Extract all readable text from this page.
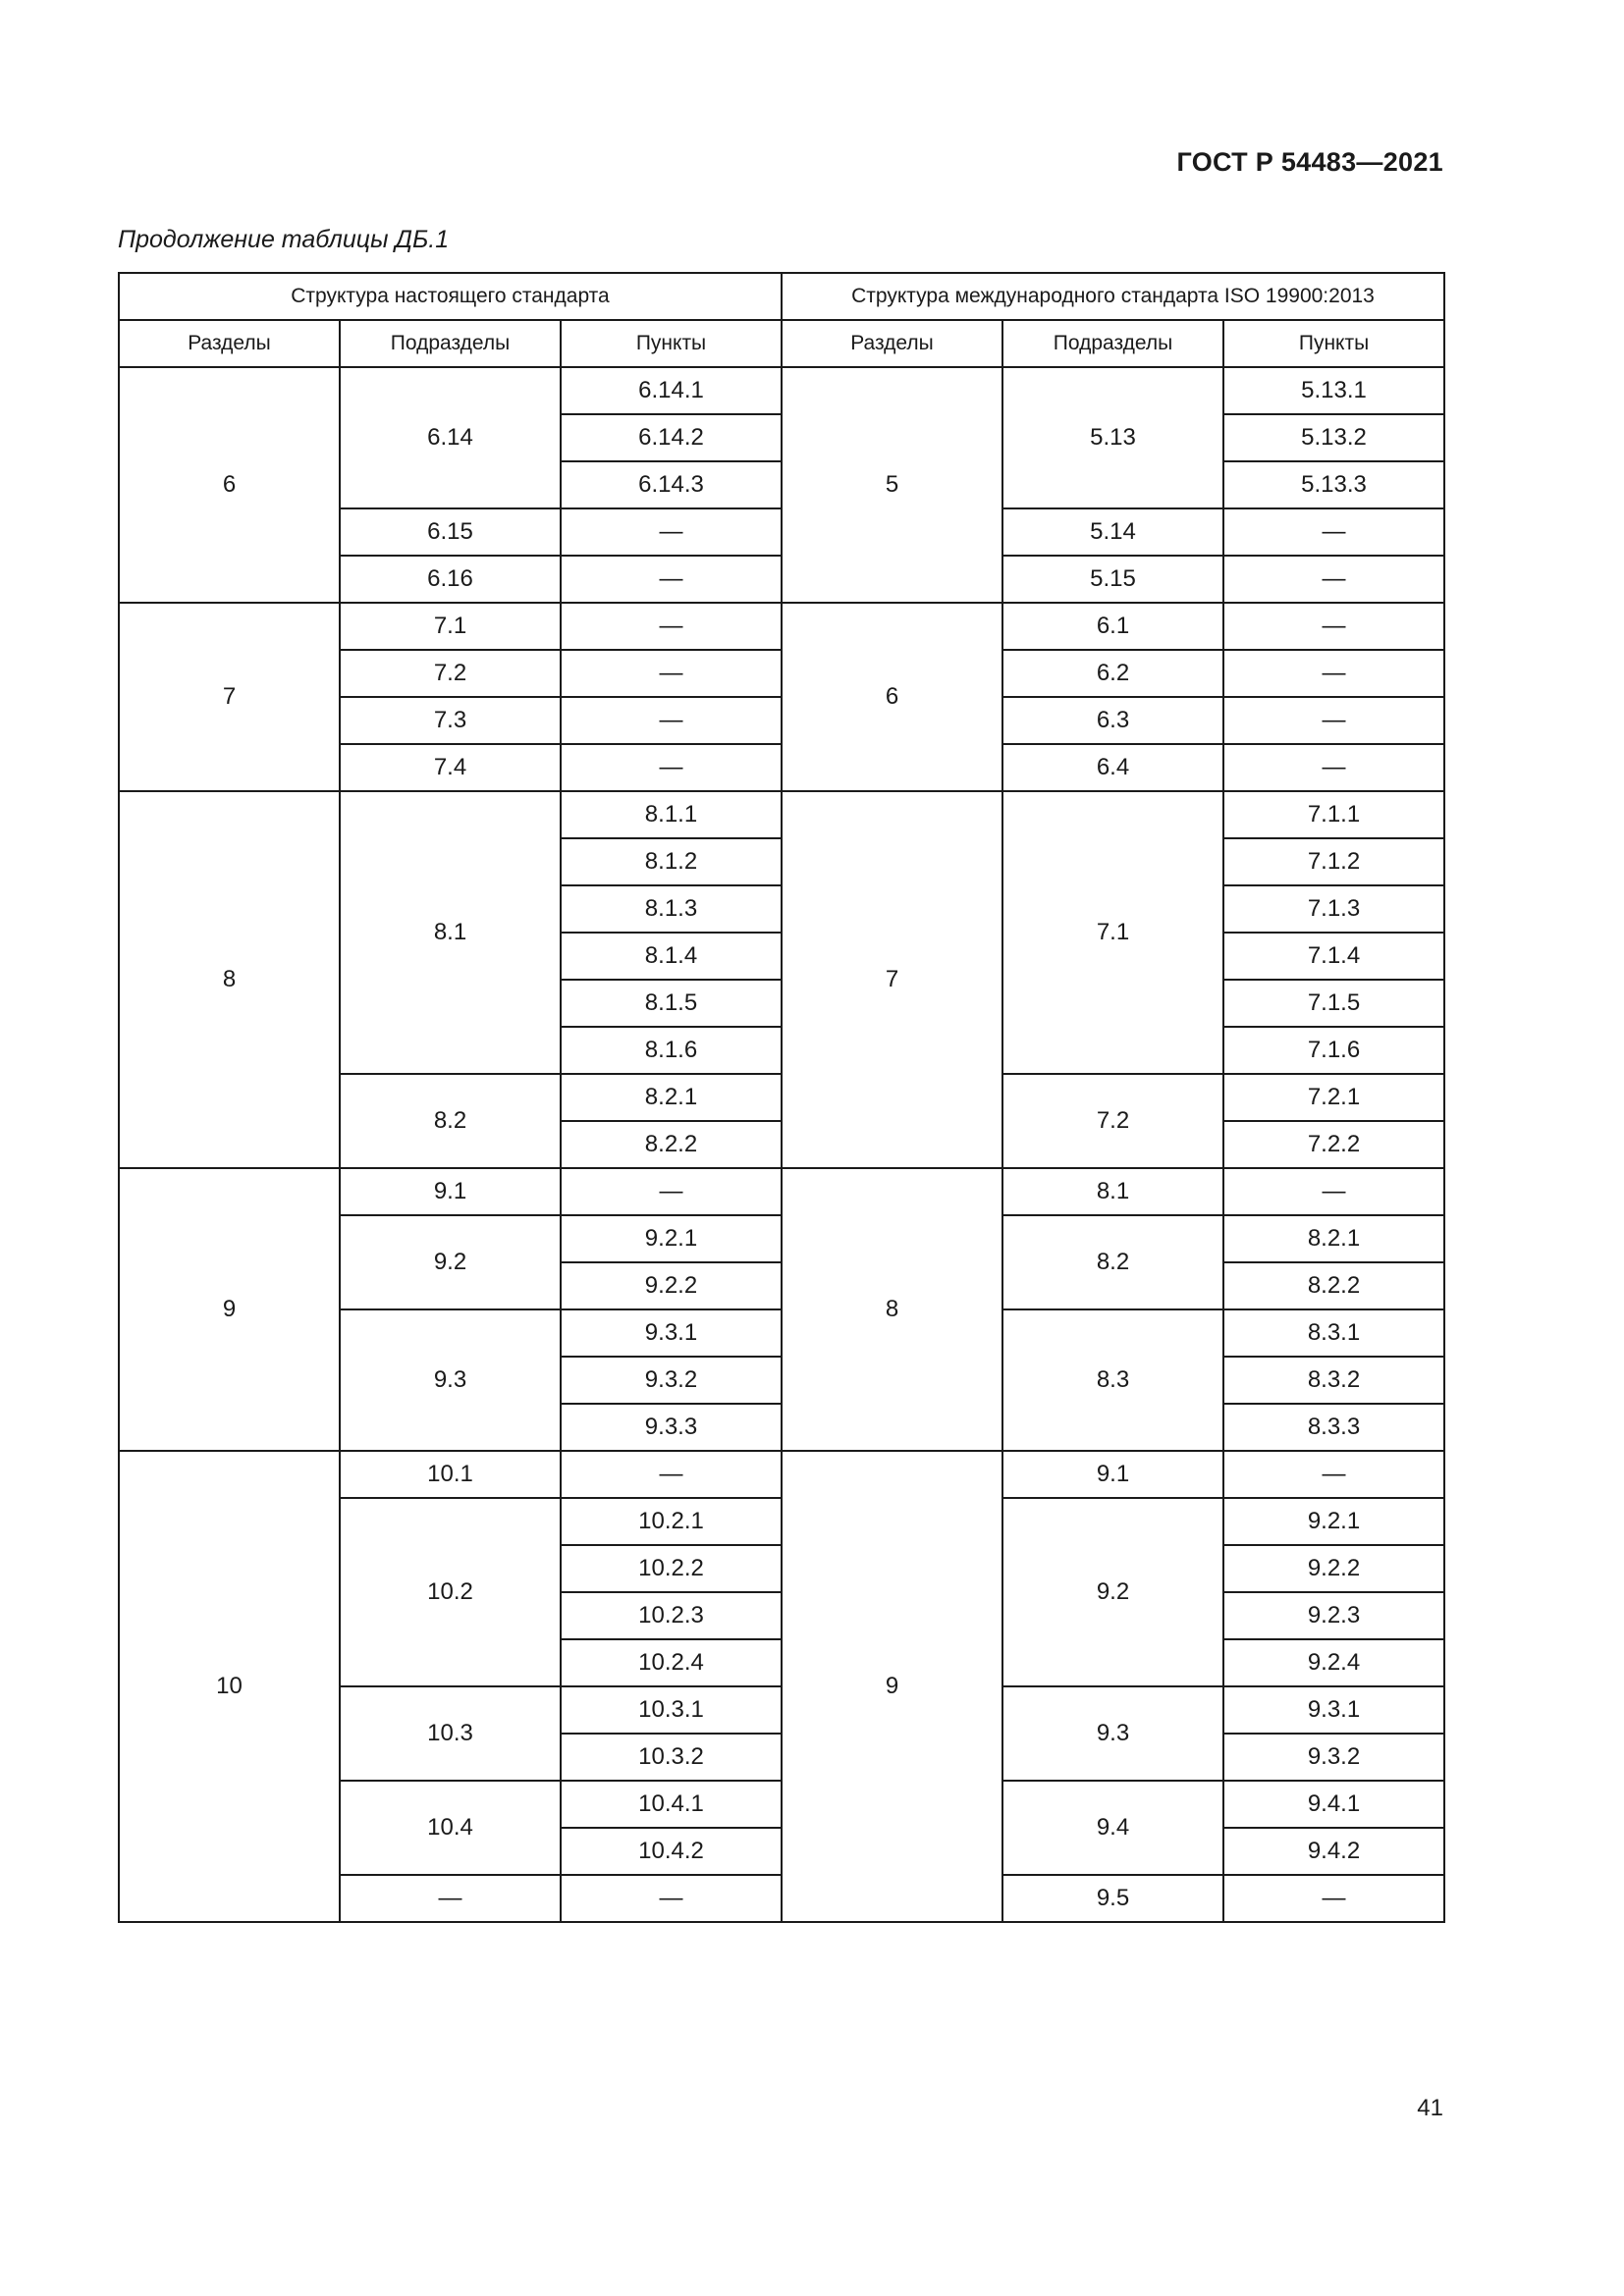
ГОСТ Р 54483—2021
Продолжение таблицы ДБ.1
Структура настоящего стандарта			Структура международного стандарта ISO 19900:2013		
Разделы	Подразделы	Пункты	Разделы	Подразделы	Пункты
6	6.14	6.14.1	5	5.13	5.13.1
		6.14.2			5.13.2
		6.14.3			5.13.3
	6.15	—		5.14	—
	6.16	—		5.15	—
7	7.1	—	6	6.1	—
	7.2	—		6.2	—
	7.3	—		6.3	—
	7.4	—		6.4	—
8	8.1	8.1.1	7	7.1	7.1.1
		8.1.2			7.1.2
		8.1.3			7.1.3
		8.1.4			7.1.4
		8.1.5			7.1.5
		8.1.6			7.1.6
	8.2	8.2.1		7.2	7.2.1
		8.2.2			7.2.2
9	9.1	—	8	8.1	—
	9.2	9.2.1		8.2	8.2.1
		9.2.2			8.2.2
	9.3	9.3.1		8.3	8.3.1
		9.3.2			8.3.2
		9.3.3			8.3.3
10	10.1	—	9	9.1	—
	10.2	10.2.1		9.2	9.2.1
		10.2.2			9.2.2
		10.2.3			9.2.3
		10.2.4			9.2.4
	10.3	10.3.1		9.3	9.3.1
		10.3.2			9.3.2
	10.4	10.4.1		9.4	9.4.1
		10.4.2			9.4.2
	—	—		9.5	—
41
